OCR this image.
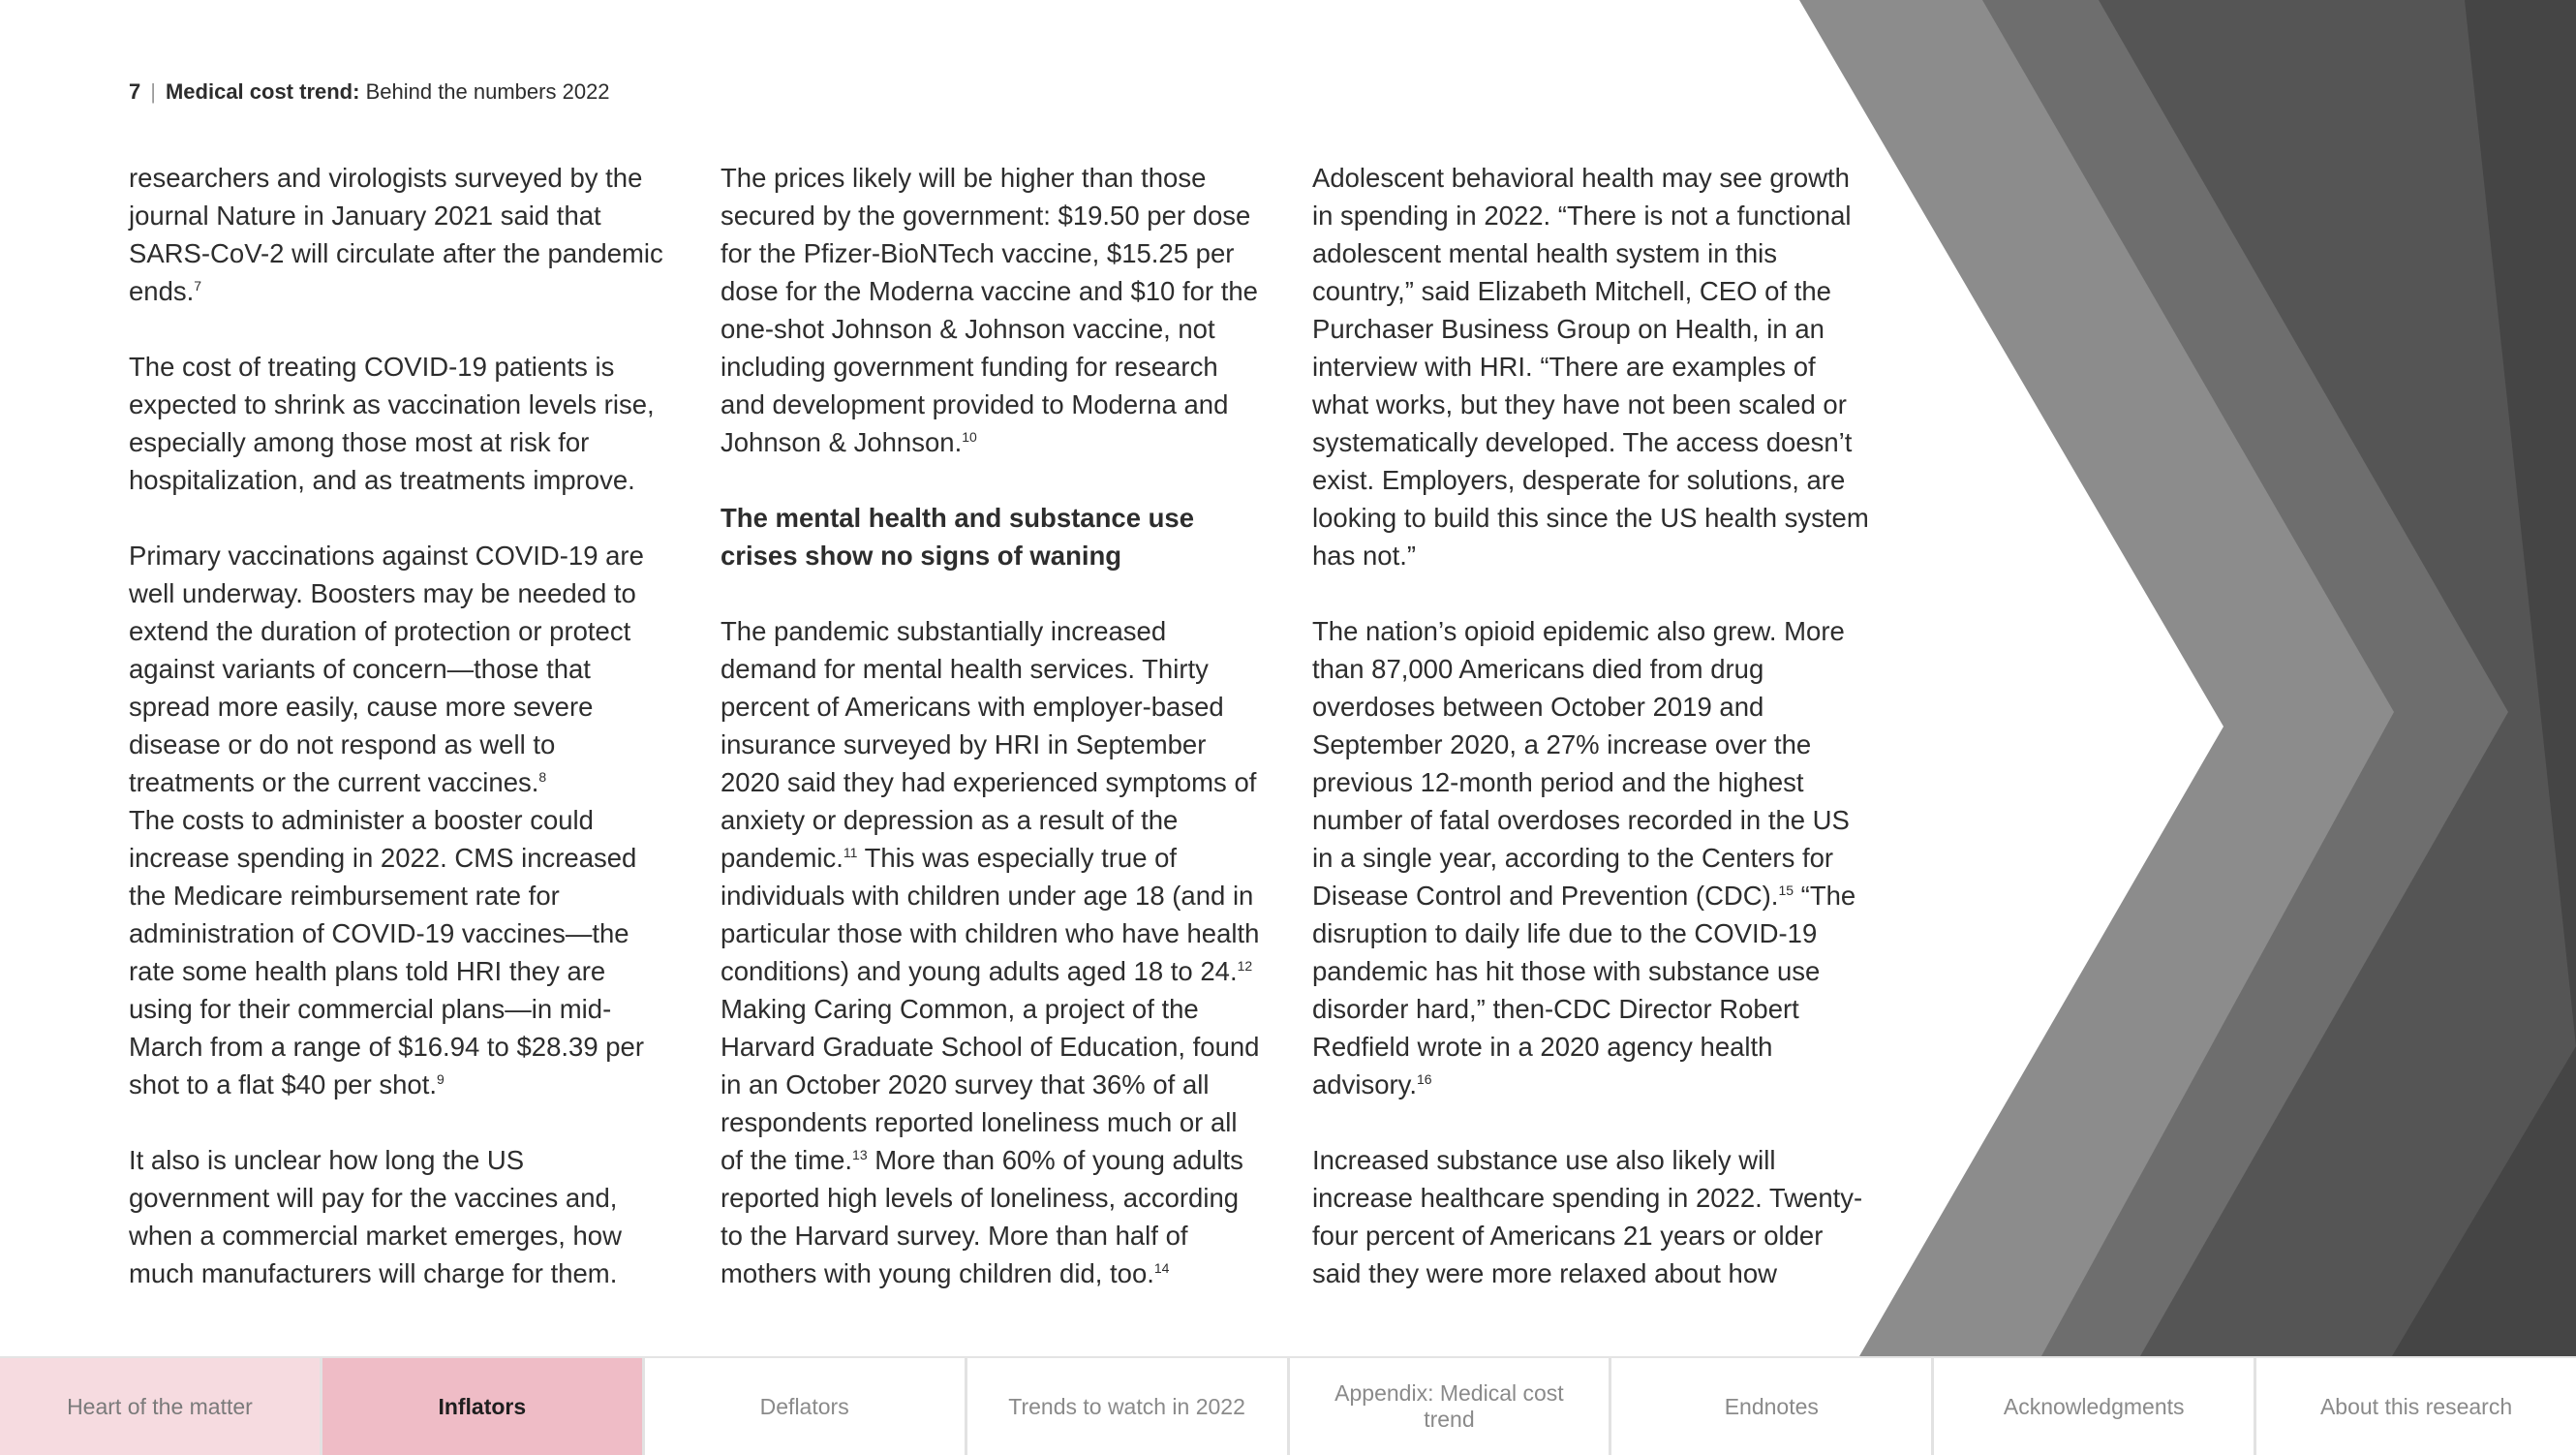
7 | Medical cost trend: Behind the numbers 2022

researchers and virologists surveyed by the journal Nature in January 2021 said that SARS-CoV-2 will circulate after the pandemic ends.$^7$

The cost of treating COVID-19 patients is expected to shrink as vaccination levels rise, especially among those most at risk for hospitalization, and as treatments improve.

Primary vaccinations against COVID-19 are well underway. Boosters may be needed to extend the duration of protection or protect against variants of concern—those that spread more easily, cause more severe disease or do not respond as well to treatments or the current vaccines.$^8$

The costs to administer a booster could increase spending in 2022. CMS increased the Medicare reimbursement rate for administration of COVID-19 vaccines—the rate some health plans told HRI they are using for their commercial plans—in mid-March from a range of $16.94 to $28.39 per shot to a flat $40 per shot.$^9$

It also is unclear how long the US government will pay for the vaccines and, when a commercial market emerges, how much manufacturers will charge for them.

The prices likely will be higher than those secured by the government: $19.50 per dose for the Pfizer-BioNTech vaccine, $15.25 per dose for the Moderna vaccine and $10 for the one-shot Johnson & Johnson vaccine, not including government funding for research and development provided to Moderna and Johnson & Johnson.$^{10}$

The mental health and substance use crises show no signs of waning

The pandemic substantially increased demand for mental health services. Thirty percent of Americans with employer-based insurance surveyed by HRI in September 2020 said they had experienced symptoms of anxiety or depression as a result of the pandemic.$^{11}$ This was especially true of individuals with children under age 18 (and in particular those with children who have health conditions) and young adults aged 18 to 24.12 Making Caring Common, a project of the Harvard Graduate School of Education, found in an October 2020 survey that 36% of all respondents reported loneliness much or all of the time.$^{13}$ More than 60% of young adults reported high levels of loneliness, according to the Harvard survey. More than half of mothers with young children did, too.$^{14}$

Adolescent behavioral health may see growth in spending in 2022. “There is not a functional adolescent mental health system in this country,” said Elizabeth Mitchell, CEO of the Purchaser Business Group on Health, in an interview with HRI. “There are examples of what works, but they have not been scaled or systematically developed. The access doesn’t exist. Employers, desperate for solutions, are looking to build this since the US health system has not.”

The nation’s opioid epidemic also grew. More than 87,000 Americans died from drug overdoses between October 2019 and September 2020, a 27% increase over the previous 12-month period and the highest number of fatal overdoses recorded in the US in a single year, according to the Centers for Disease Control and Prevention (CDC).$^{15}$ “The disruption to daily life due to the COVID-19 pandemic has hit those with substance use disorder hard,” then-CDC Director Robert Redfield wrote in a 2020 agency health advisory.$^{16}$

Increased substance use also likely will increase healthcare spending in 2022. Twenty-four percent of Americans 21 years or older said they were more relaxed about how

Heart of the matter	Inflators	Deflators	Trends to watch in 2022
Appendix: Medical cost trend
Endnotes	Acknowledgments	About this research
